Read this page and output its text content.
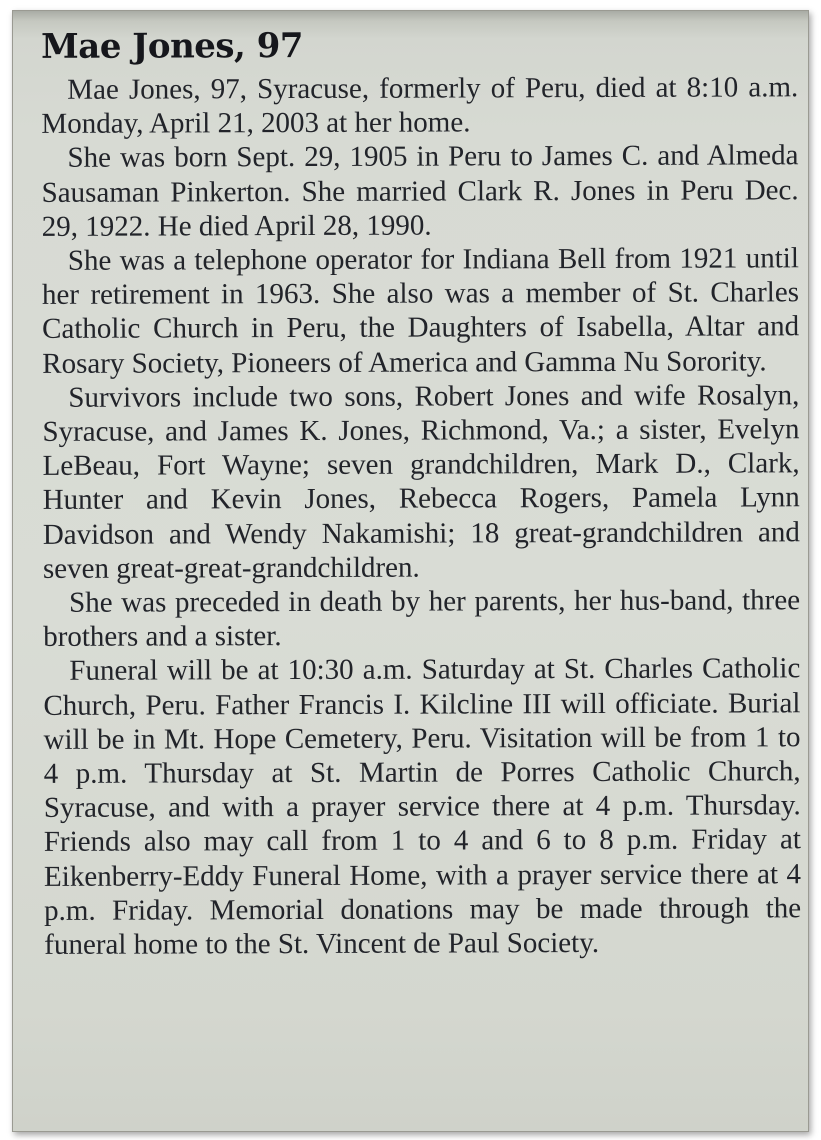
Mae Jones, 97

Mae Jones, 97, Syracuse, formerly of Peru, died at 8:10 a.m. Monday, April 21, 2003 at her home.

She was born Sept. 29, 1905 in Peru to James C. and Almeda Sausaman Pinkerton. She married Clark R. Jones in Peru Dec. 29, 1922. He died April 28, 1990.

She was a telephone operator for Indiana Bell from 1921 until her retirement in 1963. She also was a member of St. Charles Catholic Church in Peru, the Daughters of Isabella, Altar and Rosary Society, Pioneers of America and Gamma Nu Sorority.

Survivors include two sons, Robert Jones and wife Rosalyn, Syracuse, and James K. Jones, Richmond, Va.; a sister, Evelyn LeBeau, Fort Wayne; seven grandchildren, Mark D., Clark, Hunter and Kevin Jones, Rebecca Rogers, Pamela Lynn Davidson and Wendy Nakamishi; 18 great-grandchildren and seven great-great-grandchildren.

She was preceded in death by her parents, her hus-band, three brothers and a sister.

Funeral will be at 10:30 a.m. Saturday at St. Charles Catholic Church, Peru. Father Francis I. Kilcline III will officiate. Burial will be in Mt. Hope Cemetery, Peru. Visitation will be from 1 to 4 p.m. Thursday at St. Martin de Porres Catholic Church, Syracuse, and with a prayer service there at 4 p.m. Thursday. Friends also may call from 1 to 4 and 6 to 8 p.m. Friday at Eikenberry-Eddy Funeral Home, with a prayer service there at 4 p.m. Friday. Memorial donations may be made through the funeral home to the St. Vincent de Paul Society.
